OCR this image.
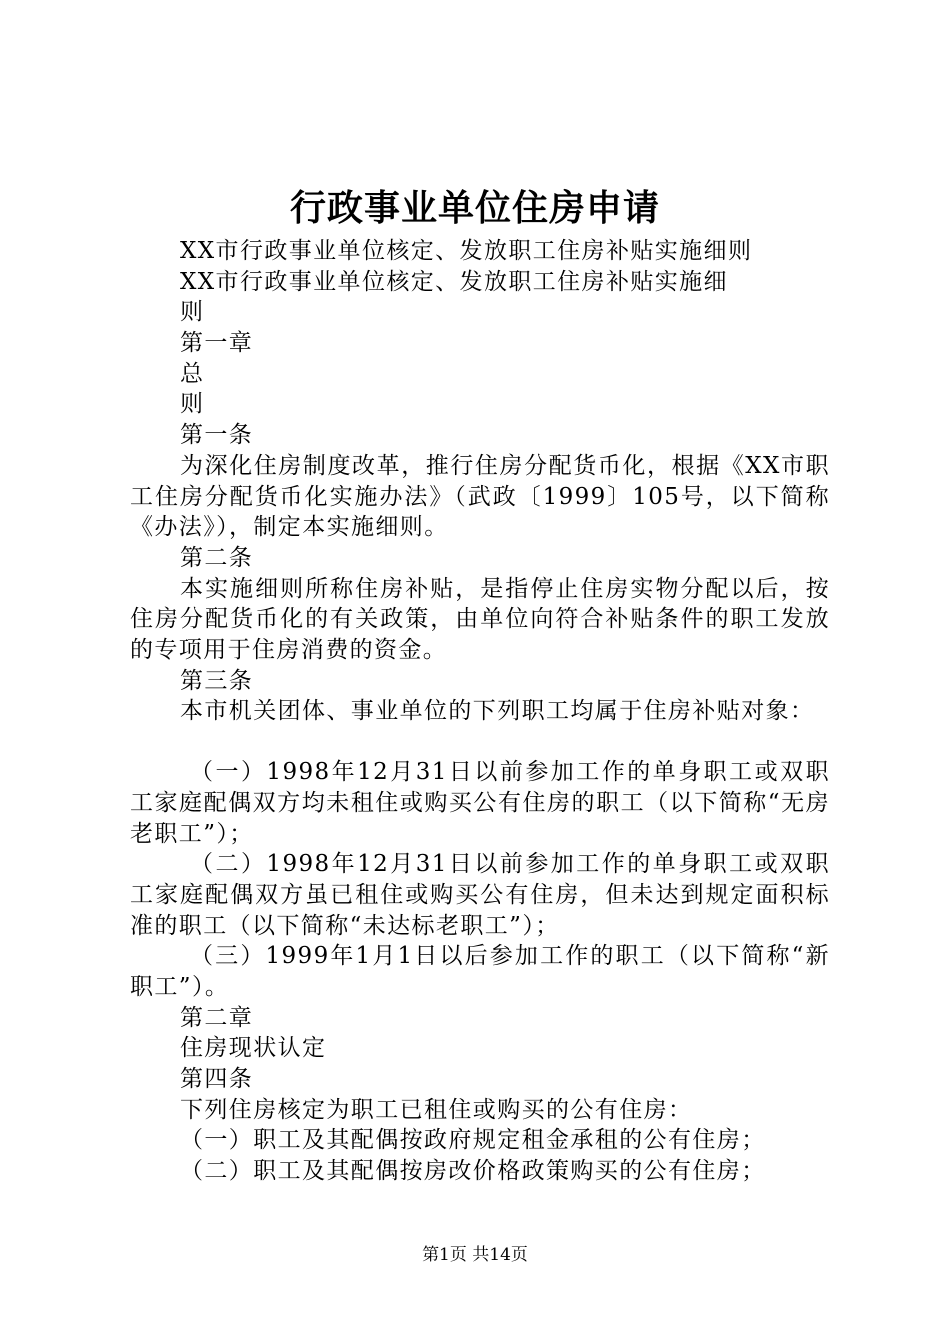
行政事业单位住房申请
XX市行政事业单位核定、发放职工住房补贴实施细则
XX市行政事业单位核定、发放职工住房补贴实施细
则
第一章
总
则
第一条
为深化住房制度改革，推行住房分配货币化，根据《XX市职工住房分配货币化实施办法》（武政〔1999〕105号，以下简称《办法》），制定本实施细则。
第二条
本实施细则所称住房补贴，是指停止住房实物分配以后，按住房分配货币化的有关政策，由单位向符合补贴条件的职工发放的专项用于住房消费的资金。
第三条
本市机关团体、事业单位的下列职工均属于住房补贴对象：
（一）1998年12月31日以前参加工作的单身职工或双职工家庭配偶双方均未租住或购买公有住房的职工（以下简称“无房老职工”）；
（二）1998年12月31日以前参加工作的单身职工或双职工家庭配偶双方虽已租住或购买公有住房，但未达到规定面积标准的职工（以下简称“未达标老职工”）；
（三）1999年1月1日以后参加工作的职工（以下简称“新职工”）。
第二章
住房现状认定
第四条
下列住房核定为职工已租住或购买的公有住房：
（一）职工及其配偶按政府规定租金承租的公有住房；
（二）职工及其配偶按房改价格政策购买的公有住房；
第1页 共14页
